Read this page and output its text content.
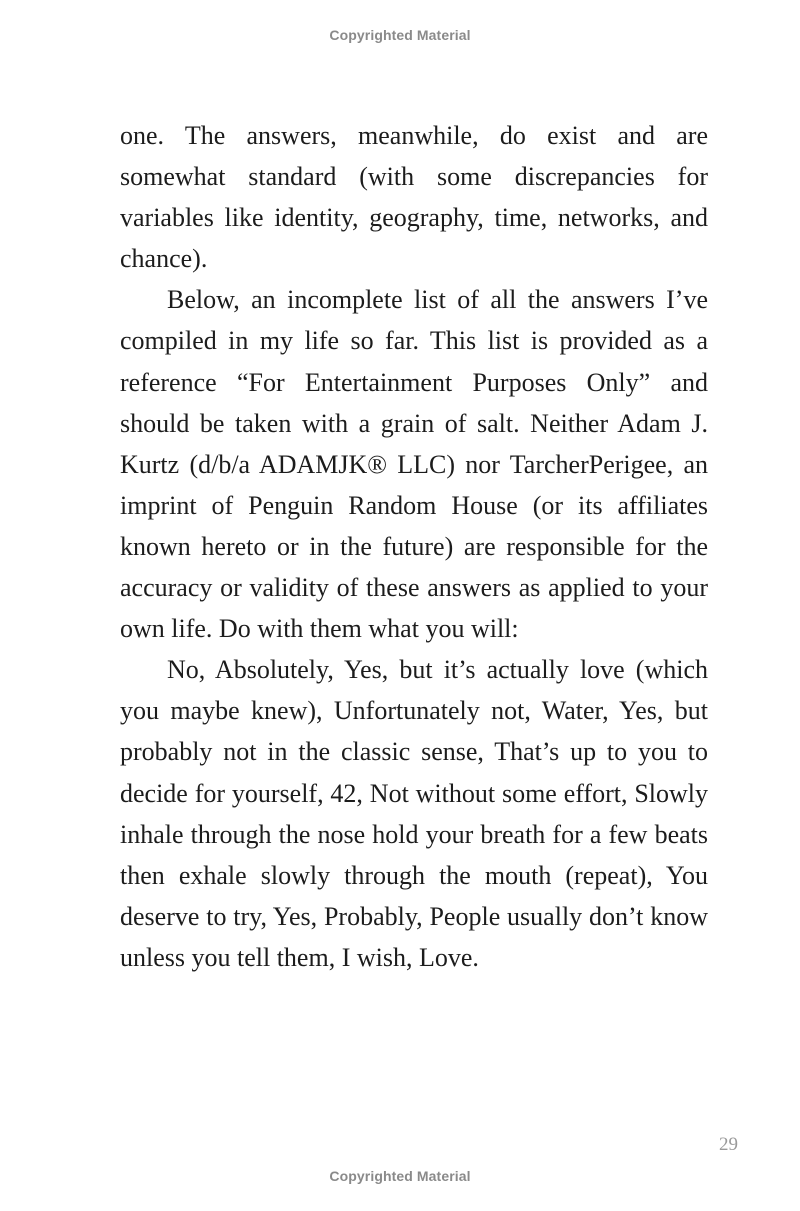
Copyrighted Material

one. The answers, meanwhile, do exist and are somewhat standard (with some discrepancies for variables like identity, geography, time, networks, and chance).

Below, an incomplete list of all the answers I’ve compiled in my life so far. This list is provided as a reference “For Entertainment Purposes Only” and should be taken with a grain of salt. Neither Adam J. Kurtz (d/b/a ADAMJK® LLC) nor TarcherPerigee, an imprint of Penguin Random House (or its affiliates known hereto or in the future) are responsible for the accuracy or validity of these answers as applied to your own life. Do with them what you will:

No, Absolutely, Yes, but it’s actually love (which you maybe knew), Unfortunately not, Water, Yes, but probably not in the classic sense, That’s up to you to decide for yourself, 42, Not without some effort, Slowly inhale through the nose hold your breath for a few beats then exhale slowly through the mouth (repeat), You deserve to try, Yes, Probably, People usually don’t know unless you tell them, I wish, Love.

29
Copyrighted Material
